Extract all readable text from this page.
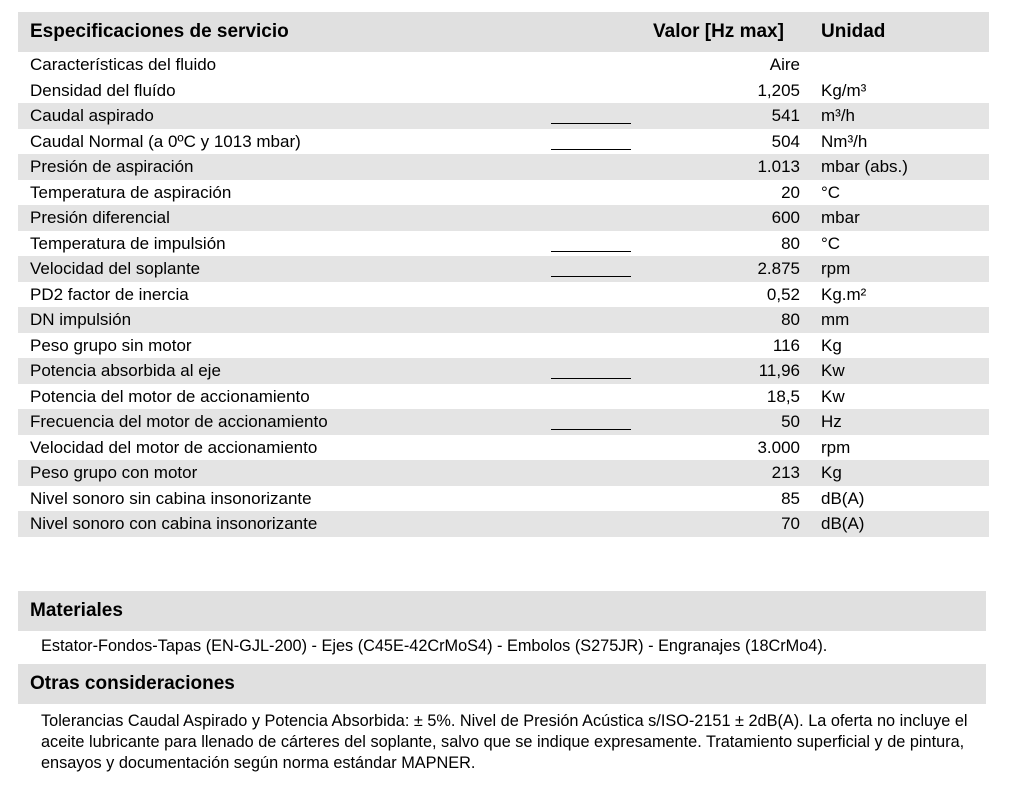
Especificaciones de servicio	Valor [Hz max] Unidad
Características del fluido	Aire
Densidad del fluído	1,205 Kg/m³
Caudal aspirado	541 m³/h
Caudal Normal (a 0ºC y 1013 mbar)	504 Nm³/h
Presión de aspiración	1.013 mbar (abs.)
Temperatura de aspiración	20 °C
Presión diferencial	600 mbar
Temperatura de impulsión	80 °C
Velocidad del soplante	2.875 rpm
PD2 factor de inercia	0,52 Kg.m²
DN impulsión	80 mm
Peso grupo sin motor	116 Kg
Potencia absorbida al eje	11,96 Kw
Potencia del motor de accionamiento	18,5 Kw
Frecuencia del motor de accionamiento	50 Hz
Velocidad del motor de accionamiento	3.000 rpm
Peso grupo con motor	213 Kg
Nivel sonoro sin cabina insonorizante	85 dB(A)
Nivel sonoro con cabina insonorizante	70 dB(A)
Materiales
Estator-Fondos-Tapas (EN-GJL-200) - Ejes (C45E-42CrMoS4) - Embolos (S275JR) - Engranajes (18CrMo4).
Otras consideraciones
Tolerancias Caudal Aspirado y Potencia Absorbida: ± 5%. Nivel de Presión Acústica s/ISO-2151 ± 2dB(A). La oferta no incluye el aceite lubricante para llenado de cárteres del soplante, salvo que se indique expresamente. Tratamiento superficial y de pintura, ensayos y documentación según norma estándar MAPNER.
